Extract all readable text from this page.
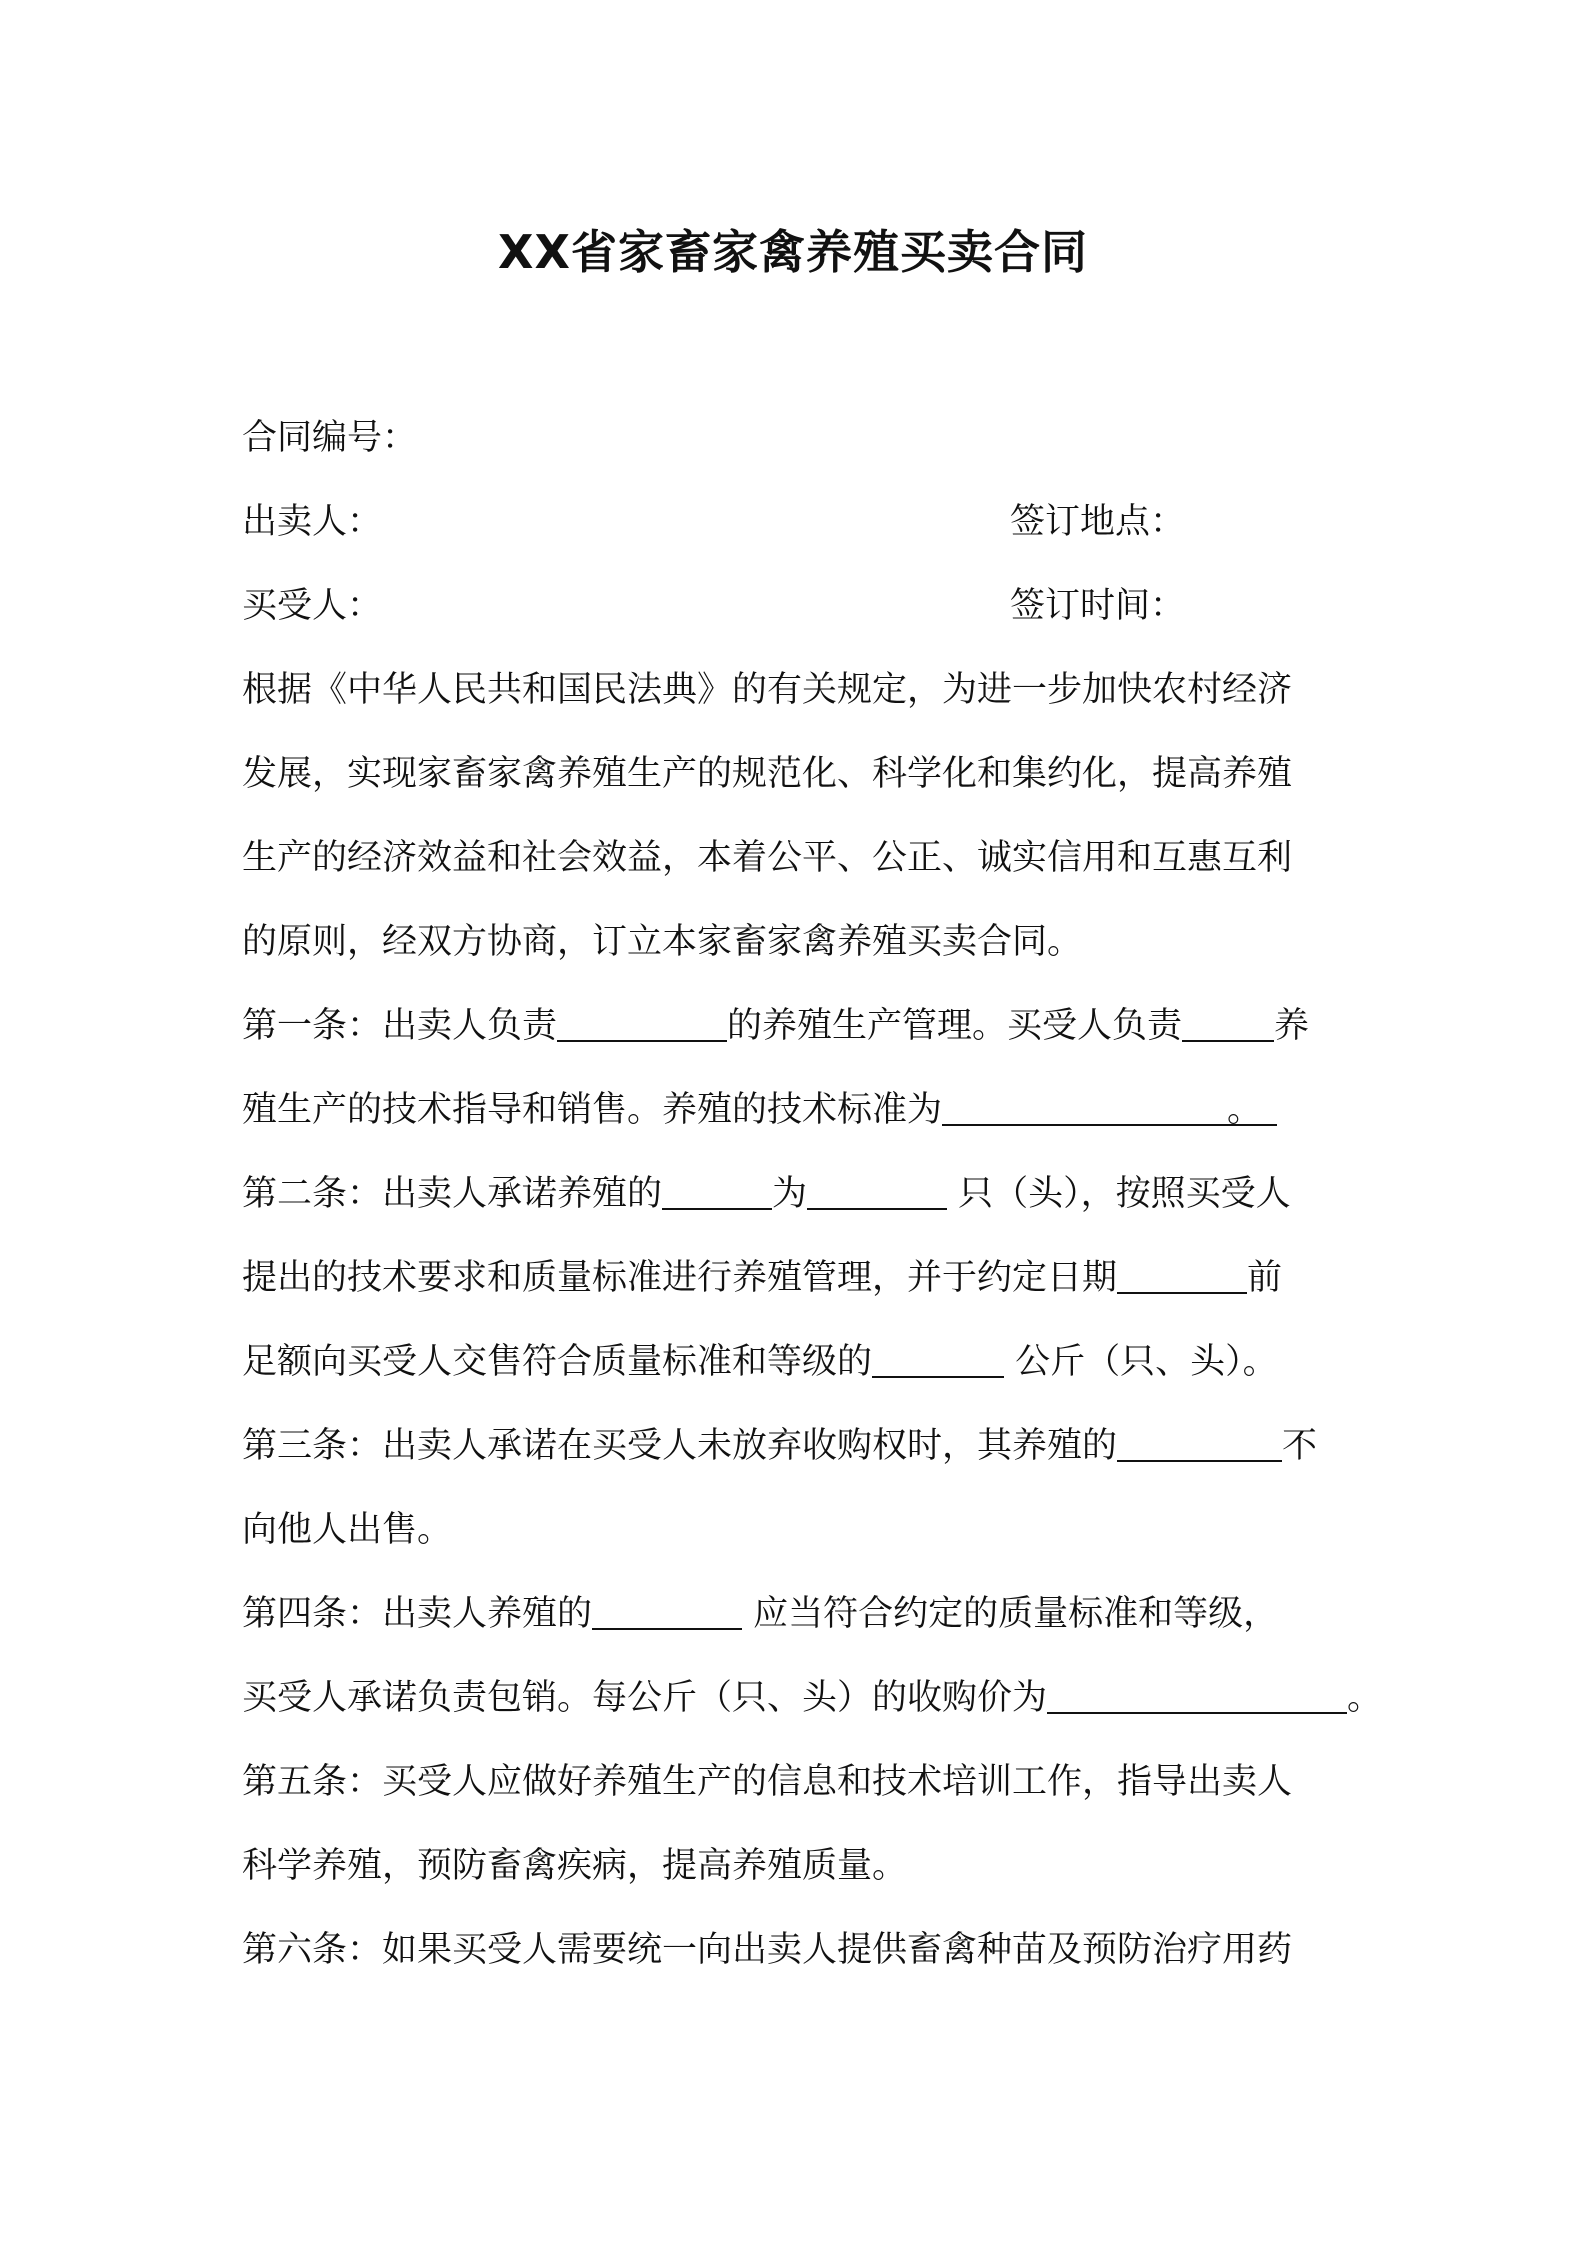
XX省家畜家禽养殖买卖合同
合同编号：
出卖人：	签订地点：
买受人：	签订时间：
根据《中华人民共和国民法典》的有关规定，为进一步加快农村经济
发展，实现家畜家禽养殖生产的规范化、科学化和集约化，提高养殖
生产的经济效益和社会效益，本着公平、公正、诚实信用和互惠互利
的原则，经双方协商，订立本家畜家禽养殖买卖合同。
第一条：出卖人负责	的养殖生产管理。买受人负责	养
殖生产的技术指导和销售。养殖的技术标准为	。
第二条：出卖人承诺养殖的	为	只（头），按照买受人
提出的技术要求和质量标准进行养殖管理，并于约定日期	前
足额向买受人交售符合质量标准和等级的	公斤（只、头）。
第三条：出卖人承诺在买受人未放弃收购权时，其养殖的	不
向他人出售。
第四条：出卖人养殖的	应当符合约定的质量标准和等级，
买受人承诺负责包销。每公斤（只、头）的收购价为	。
第五条：买受人应做好养殖生产的信息和技术培训工作，指导出卖人
科学养殖，预防畜禽疾病，提高养殖质量。
第六条：如果买受人需要统一向出卖人提供畜禽种苗及预防治疗用药
